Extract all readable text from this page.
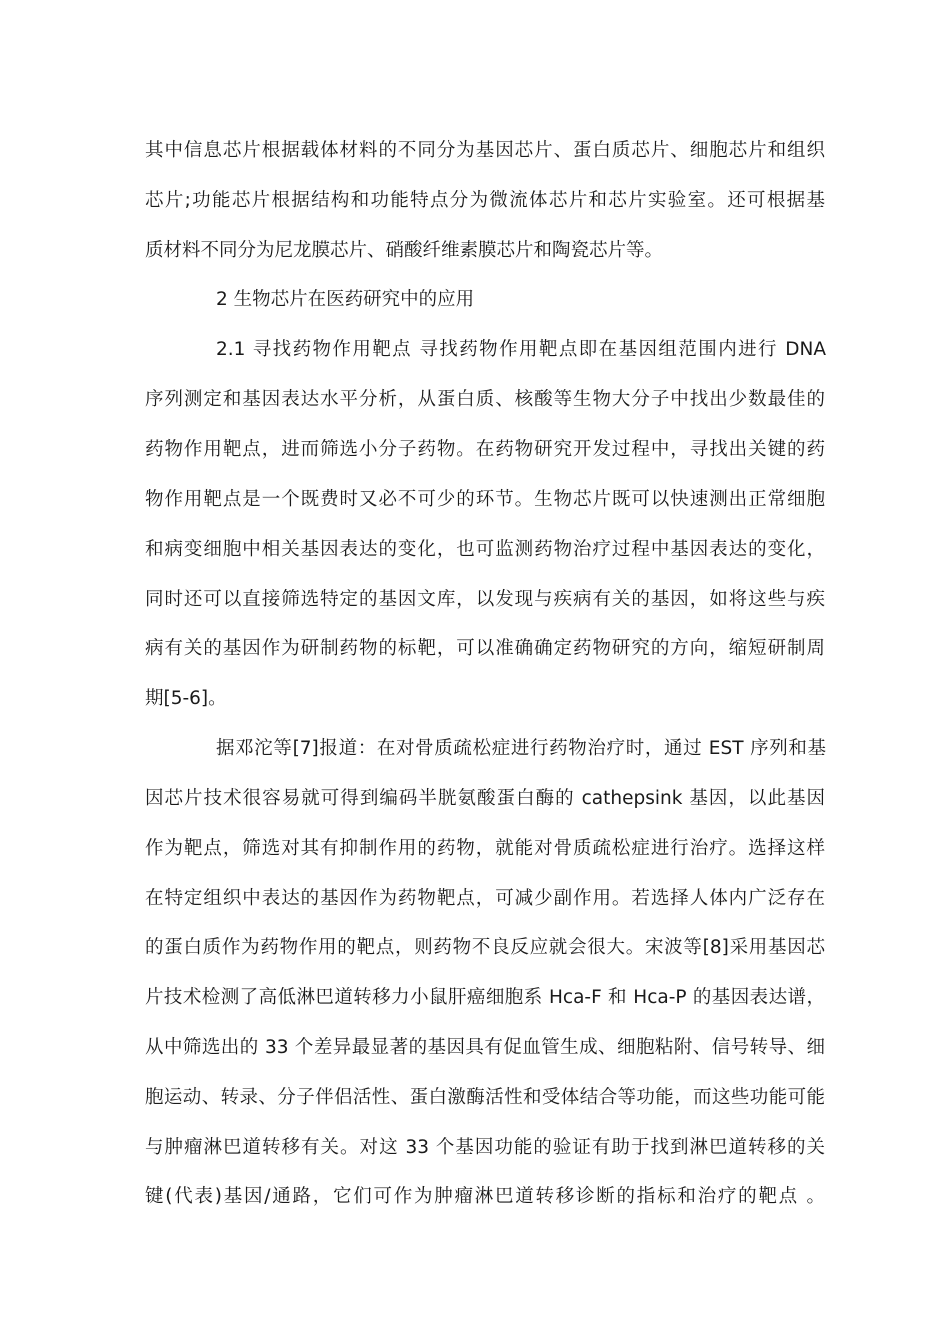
其中信息芯片根据载体材料的不同分为基因芯片、蛋白质芯片、细胞芯片和组织
芯片;功能芯片根据结构和功能特点分为微流体芯片和芯片实验室。还可根据基
质材料不同分为尼龙膜芯片、硝酸纤维素膜芯片和陶瓷芯片等。
2 生物芯片在医药研究中的应用
2.1 寻找药物作用靶点 寻找药物作用靶点即在基因组范围内进行 DNA
序列测定和基因表达水平分析，从蛋白质、核酸等生物大分子中找出少数最佳的
药物作用靶点，进而筛选小分子药物。在药物研究开发过程中，寻找出关键的药
物作用靶点是一个既费时又必不可少的环节。生物芯片既可以快速测出正常细胞
和病变细胞中相关基因表达的变化，也可监测药物治疗过程中基因表达的变化，
同时还可以直接筛选特定的基因文库，以发现与疾病有关的基因，如将这些与疾
病有关的基因作为研制药物的标靶，可以准确确定药物研究的方向，缩短研制周
期[5-6]。
据邓沱等[7]报道：在对骨质疏松症进行药物治疗时，通过 EST 序列和基
因芯片技术很容易就可得到编码半胱氨酸蛋白酶的 cathepsink 基因，以此基因
作为靶点，筛选对其有抑制作用的药物，就能对骨质疏松症进行治疗。选择这样
在特定组织中表达的基因作为药物靶点，可减少副作用。若选择人体内广泛存在
的蛋白质作为药物作用的靶点，则药物不良反应就会很大。宋波等[8]采用基因芯
片技术检测了高低淋巴道转移力小鼠肝癌细胞系 Hca-F 和 Hca-P 的基因表达谱，
从中筛选出的 33 个差异最显著的基因具有促血管生成、细胞粘附、信号转导、细
胞运动、转录、分子伴侣活性、蛋白激酶活性和受体结合等功能，而这些功能可能
与肿瘤淋巴道转移有关。对这 33 个基因功能的验证有助于找到淋巴道转移的关
键(代表)基因/通路，它们可作为肿瘤淋巴道转移诊断的指标和治疗的靶点 。
